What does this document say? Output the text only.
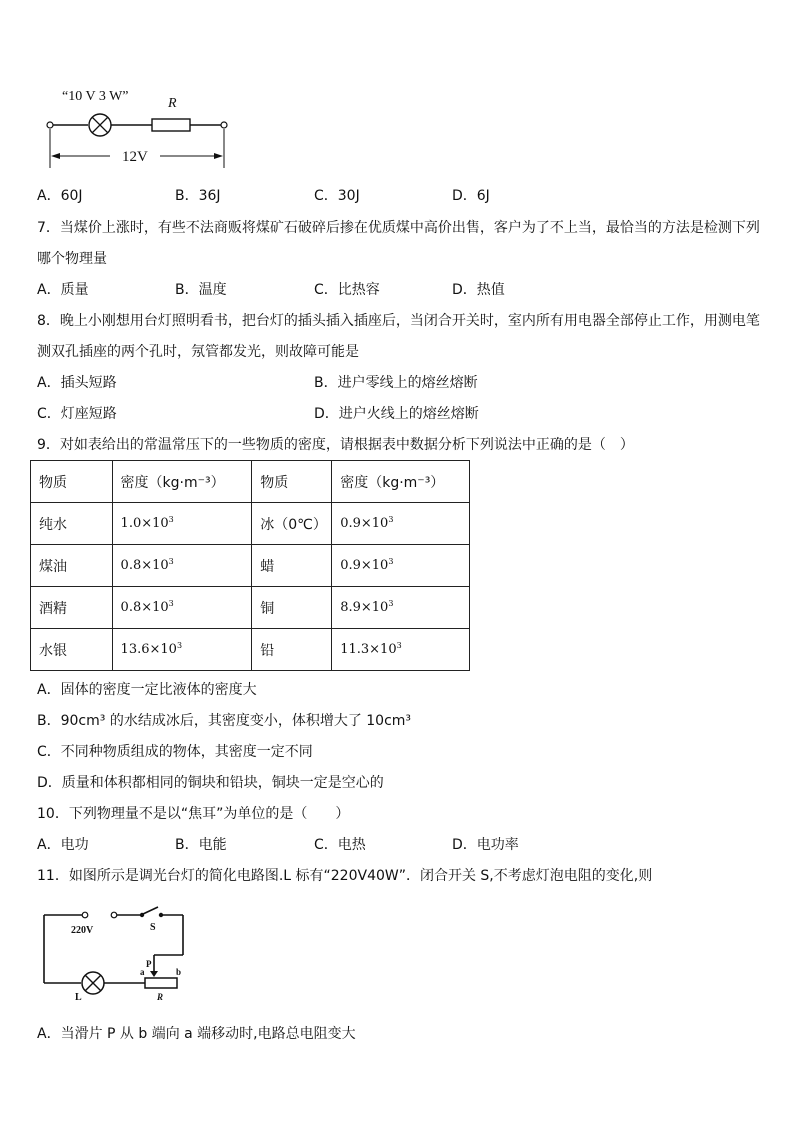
“10 V 3 W”	R
12V
A．60J	B．36J	C．30J	D．6J
7．当煤价上涨时，有些不法商贩将煤矿石破碎后掺在优质煤中高价出售，客户为了不上当，最恰当的方法是检测下列
哪个物理量
A．质量	B．温度	C．比热容	D．热值
8．晚上小刚想用台灯照明看书，把台灯的插头插入插座后，当闭合开关时，室内所有用电器全部停止工作，用测电笔
测双孔插座的两个孔时，氖管都发光，则故障可能是
A．插头短路	B．进户零线上的熔丝熔断
C．灯座短路	D．进户火线上的熔丝熔断
9．对如表给出的常温常压下的一些物质的密度，请根据表中数据分析下列说法中正确的是（　）
物质	密度（kg·m⁻³）	物质	密度（kg·m⁻³）
纯水	$1.0\times 10^3$	冰（0℃）	$0.9\times 10^3$
煤油	$0.8\times 10^3$	蜡	$0.9\times 10^3$
酒精	$0.8\times 10^3$	铜	$8.9\times 10^3$
水银	$13.6\times 10^3$	铅	$11.3\times 10^3$
A．固体的密度一定比液体的密度大
B．90cm³ 的水结成冰后，其密度变小，体积增大了 10cm³
C．不同种物质组成的物体，其密度一定不同
D．质量和体积都相同的铜块和铅块，铜块一定是空心的
10．下列物理量不是以“焦耳”为单位的是（　　）
A．电功	B．电能	C．电热	D．电功率
11．如图所示是调光台灯的简化电路图.L 标有“220V40W”．闭合开关 S,不考虑灯泡电阻的变化,则
220V	S
P
a	b
R
L
A．当滑片 P 从 b 端向 a 端移动时,电路总电阻变大
